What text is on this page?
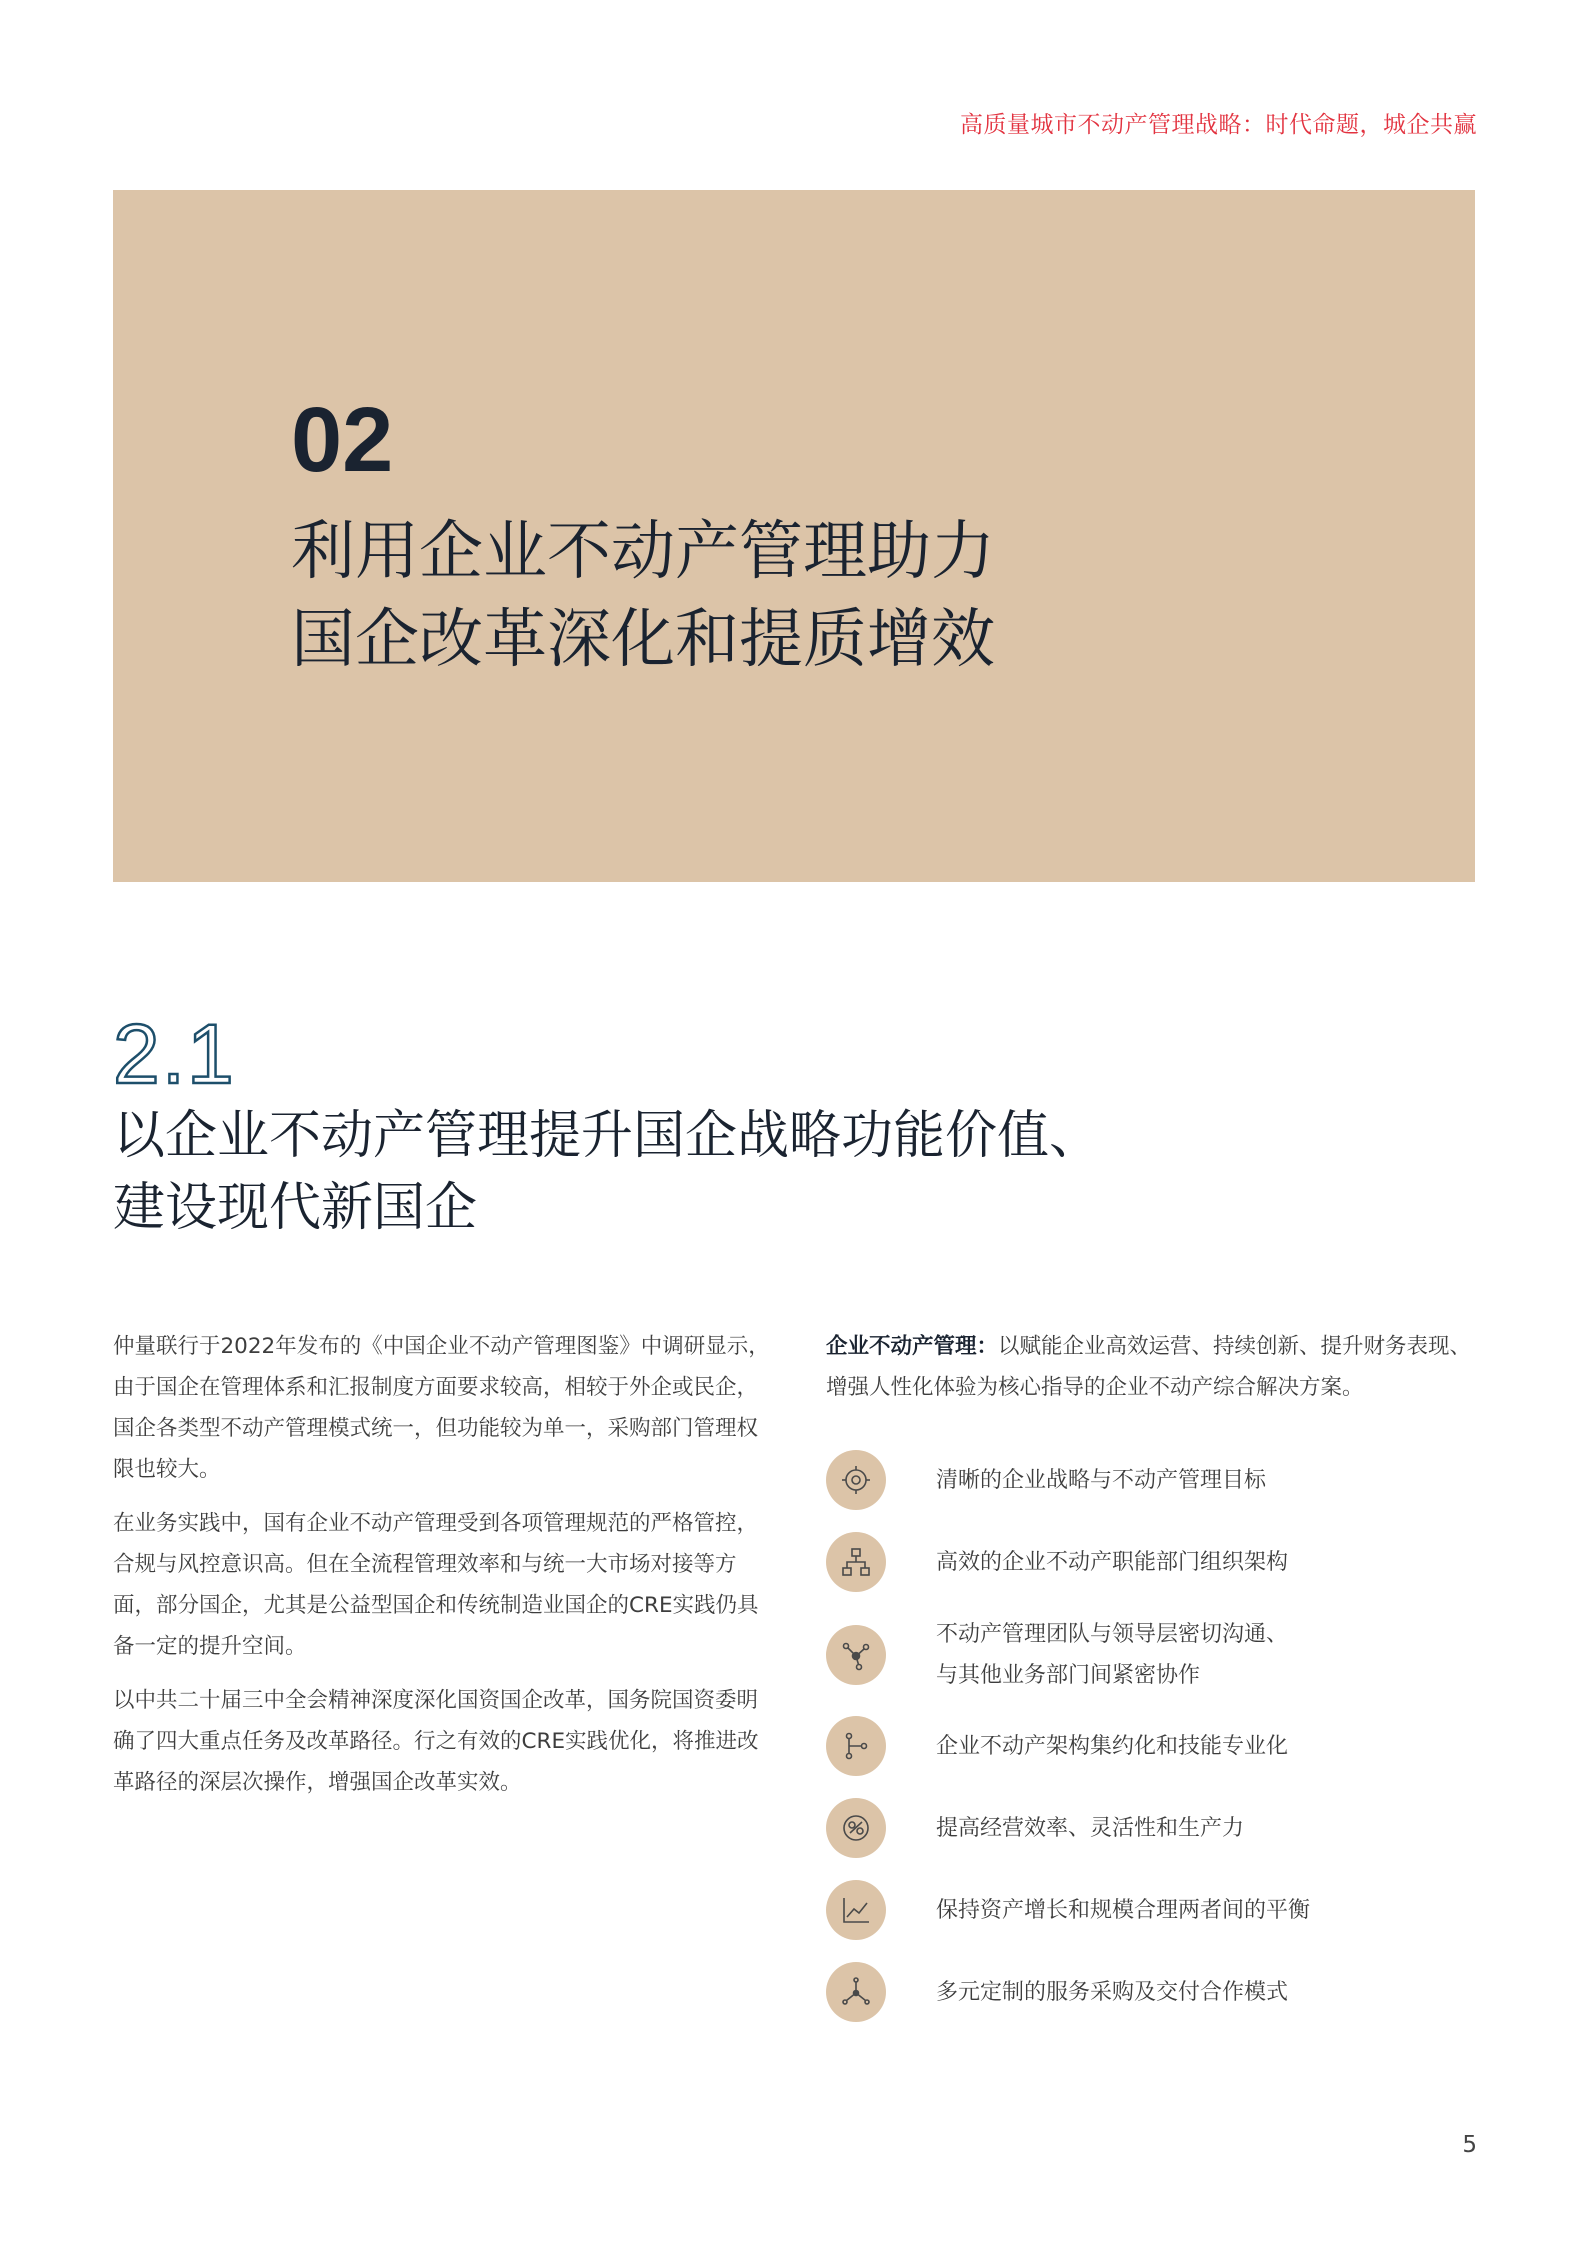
高质量城市不动产管理战略：时代命题，城企共赢
02
利用企业不动产管理助力
国企改革深化和提质增效
2.1
以企业不动产管理提升国企战略功能价值、
建设现代新国企

仲量联行于2022年发布的《中国企业不动产管理图鉴》中调研显示，由于国企在管理体系和汇报制度方面要求较高，相较于外企或民企，国企各类型不动产管理模式统一，但功能较为单一，采购部门管理权限也较大。

在业务实践中，国有企业不动产管理受到各项管理规范的严格管控，合规与风控意识高。但在全流程管理效率和与统一大市场对接等方面，部分国企，尤其是公益型国企和传统制造业国企的CRE实践仍具备一定的提升空间。

以中共二十届三中全会精神深度深化国资国企改革，国务院国资委明确了四大重点任务及改革路径。行之有效的CRE实践优化，将推进改革路径的深层次操作，增强国企改革实效。

企业不动产管理：以赋能企业高效运营、持续创新、提升财务表现、增强人性化体验为核心指导的企业不动产综合解决方案。

清晰的企业战略与不动产管理目标
高效的企业不动产职能部门组织架构
不动产管理团队与领导层密切沟通、
与其他业务部门间紧密协作
企业不动产架构集约化和技能专业化
提高经营效率、灵活性和生产力
保持资产增长和规模合理两者间的平衡
多元定制的服务采购及交付合作模式
5
